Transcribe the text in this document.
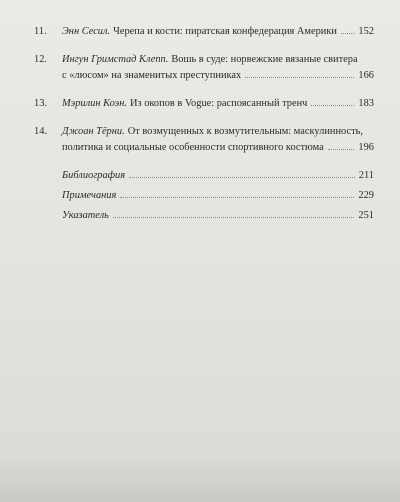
11.	Энн Сесил. Черепа и кости: пиратская конфедерация Америки 152
12.	Ингун Гримстад Клепп. Вошь в суде: норвежские вязаные свитера
с «люсом» на знаменитых преступниках	166
13.	Мэрилин Коэн. Из окопов в Vogue: распоясанный тренч	183
14.	Джоан Тёрни. От возмущенных к возмутительным: маскулинность,
политика и социальные особенности спортивного костюма	196
Библиография	211
Примечания	229
Указатель	251
